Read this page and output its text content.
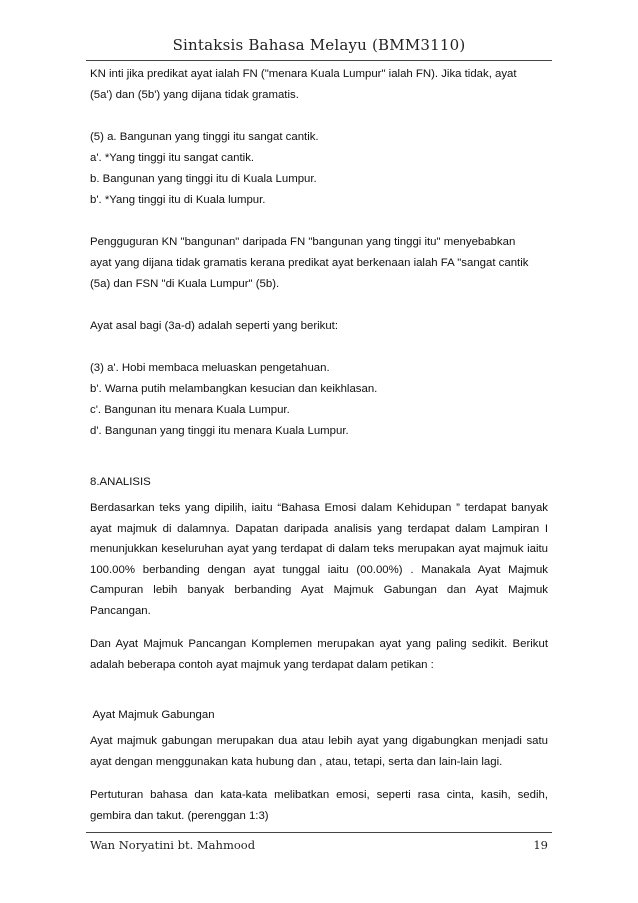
Sintaksis Bahasa Melayu (BMM3110)
KN inti jika predikat ayat ialah FN ("menara Kuala Lumpur" ialah FN). Jika tidak, ayat
(5a') dan (5b') yang dijana tidak gramatis.
(5) a. Bangunan yang tinggi itu sangat cantik.
a'. *Yang tinggi itu sangat cantik.
b. Bangunan yang tinggi itu di Kuala Lumpur.
b'. *Yang tinggi itu di Kuala lumpur.
Pengguguran KN "bangunan" daripada FN "bangunan yang tinggi itu" menyebabkan
ayat yang dijana tidak gramatis kerana predikat ayat berkenaan ialah FA "sangat cantik
(5a) dan FSN "di Kuala Lumpur" (5b).
Ayat asal bagi (3a-d) adalah seperti yang berikut:
(3) a'. Hobi membaca meluaskan pengetahuan.
b'. Warna putih melambangkan kesucian dan keikhlasan.
c'. Bangunan itu menara Kuala Lumpur.
d'. Bangunan yang tinggi itu menara Kuala Lumpur.
8.ANALISIS

Berdasarkan teks yang dipilih, iaitu “Bahasa Emosi dalam Kehidupan ” terdapat banyak ayat majmuk di dalamnya. Dapatan daripada analisis yang terdapat dalam Lampiran I menunjukkan keseluruhan ayat yang terdapat di dalam teks merupakan ayat majmuk iaitu 100.00% berbanding dengan ayat tunggal iaitu (00.00%) . Manakala Ayat Majmuk Campuran lebih banyak berbanding Ayat Majmuk Gabungan dan Ayat Majmuk Pancangan.

Dan Ayat Majmuk Pancangan Komplemen merupakan ayat yang paling sedikit. Berikut adalah beberapa contoh ayat majmuk yang terdapat dalam petikan :

Ayat Majmuk Gabungan

Ayat majmuk gabungan merupakan dua atau lebih ayat yang digabungkan menjadi satu ayat dengan menggunakan kata hubung dan , atau, tetapi, serta dan lain-lain lagi.

Pertuturan bahasa dan kata-kata melibatkan emosi, seperti rasa cinta, kasih, sedih, gembira dan takut. (perenggan 1:3)

Wan Noryatini bt. Mahmood	19
